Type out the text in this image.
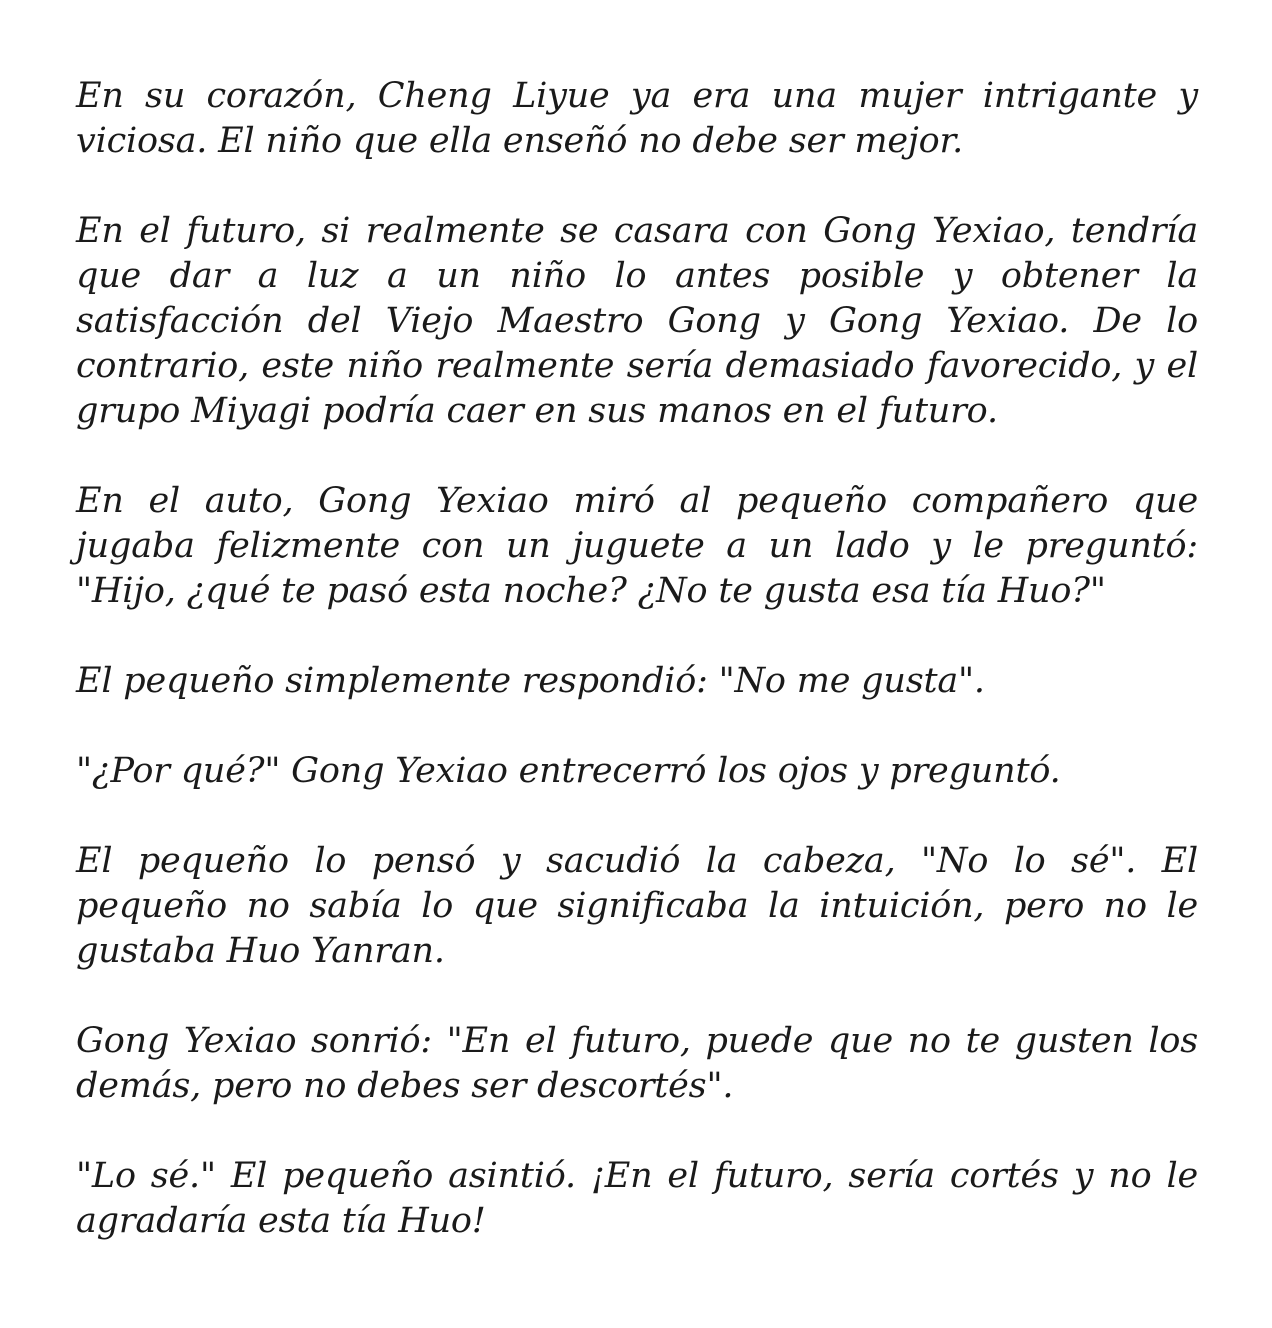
En su corazón, Cheng Liyue ya era una mujer intrigante y viciosa. El niño que ella enseñó no debe ser mejor.

En el futuro, si realmente se casara con Gong Yexiao, tendría que dar a luz a un niño lo antes posible y obtener la satisfacción del Viejo Maestro Gong y Gong Yexiao. De lo contrario, este niño realmente sería demasiado favorecido, y el grupo Miyagi podría caer en sus manos en el futuro.

En el auto, Gong Yexiao miró al pequeño compañero que jugaba felizmente con un juguete a un lado y le preguntó: "Hijo, ¿qué te pasó esta noche? ¿No te gusta esa tía Huo?"

El pequeño simplemente respondió: "No me gusta".

"¿Por qué?" Gong Yexiao entrecerró los ojos y preguntó.

El pequeño lo pensó y sacudió la cabeza, "No lo sé". El pequeño no sabía lo que significaba la intuición, pero no le gustaba Huo Yanran.

Gong Yexiao sonrió: "En el futuro, puede que no te gusten los demás, pero no debes ser descortés".

"Lo sé." El pequeño asintió. ¡En el futuro, sería cortés y no le agradaría esta tía Huo!
